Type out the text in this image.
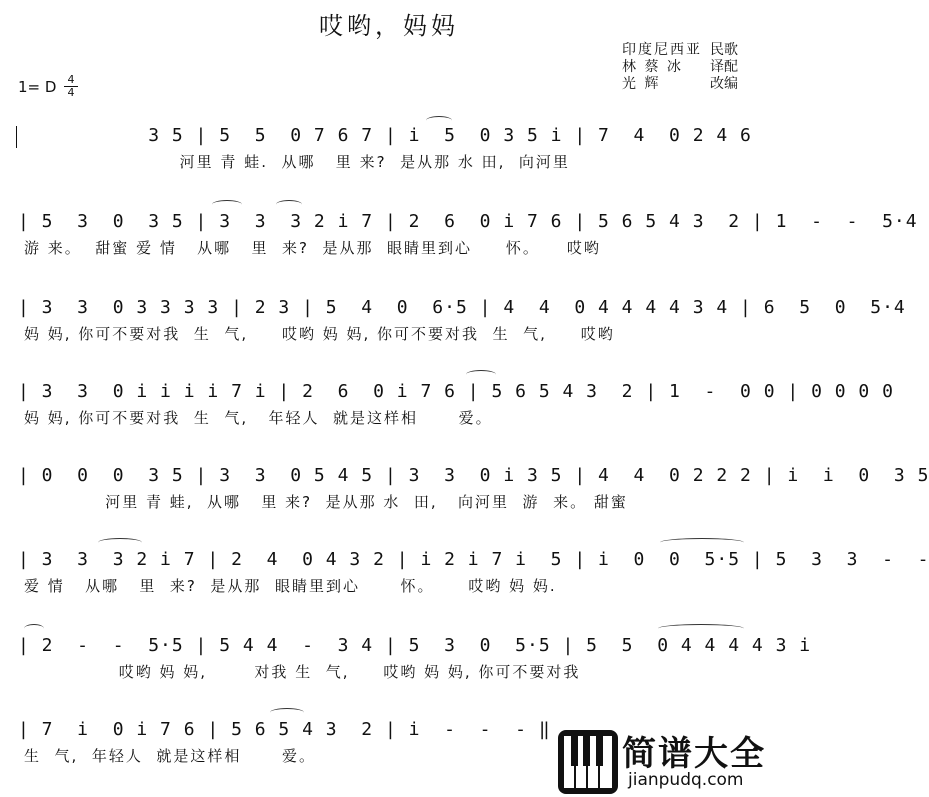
哎哟，妈妈
印度尼西亚 民歌
林 蔡 冰	译配
光 辉	改编
1= D	4
4
3 5 | 5  5  0 7 6 7 | i  5  0 3 5 i | 7  4  0 2 4 6
河里 青 蛙.  从哪   里 来?  是从那 水 田,  向河里
| 5  3  0  3 5 | 3  3  3 2 i 7 | 2  6  0 i 7 6 | 5 6 5 4 3  2 | 1  -  -  5·4
游 来。  甜蜜 爱 情   从哪   里  来?  是从那  眼睛里到心     怀。    哎哟
| 3  3  0 3 3 3 3 | 2 3 | 5  4  0  6·5 | 4  4  0 4 4 4 4 3 4 | 6  5  0  5·4
妈 妈, 你可不要对我  生  气,     哎哟 妈 妈, 你可不要对我  生  气,     哎哟
| 3  3  0 i i i i 7 i | 2  6  0 i 7 6 | 5 6 5 4 3  2 | 1  -  0 0 | 0 0 0 0
妈 妈, 你可不要对我  生  气,   年轻人  就是这样相      爱。
| 0  0  0  3 5 | 3  3  0 5 4 5 | 3  3  0 i 3 5 | 4  4  0 2 2 2 | i  i  0  3 5
河里 青 蛙,  从哪   里 来?  是从那 水  田,   向河里  游  来。 甜蜜
| 3  3  3 2 i 7 | 2  4  0 4 3 2 | i 2 i 7 i  5 | i  0  0  5·5 | 5  3  3  -  -
爱 情   从哪   里  来?  是从那  眼睛里到心      怀。     哎哟 妈 妈.
| 2  -  -  5·5 | 5 4 4  -  3 4 | 5  3  0  5·5 | 5  5  0 4 4 4 4 3 i
哎哟 妈 妈,       对我 生  气,     哎哟 妈 妈, 你可不要对我
| 7  i  0 i 7 6 | 5 6 5 4 3  2 | i  -  -  - ‖
生  气,  年轻人  就是这样相      爱。	简谱大全
jianpudq.com
